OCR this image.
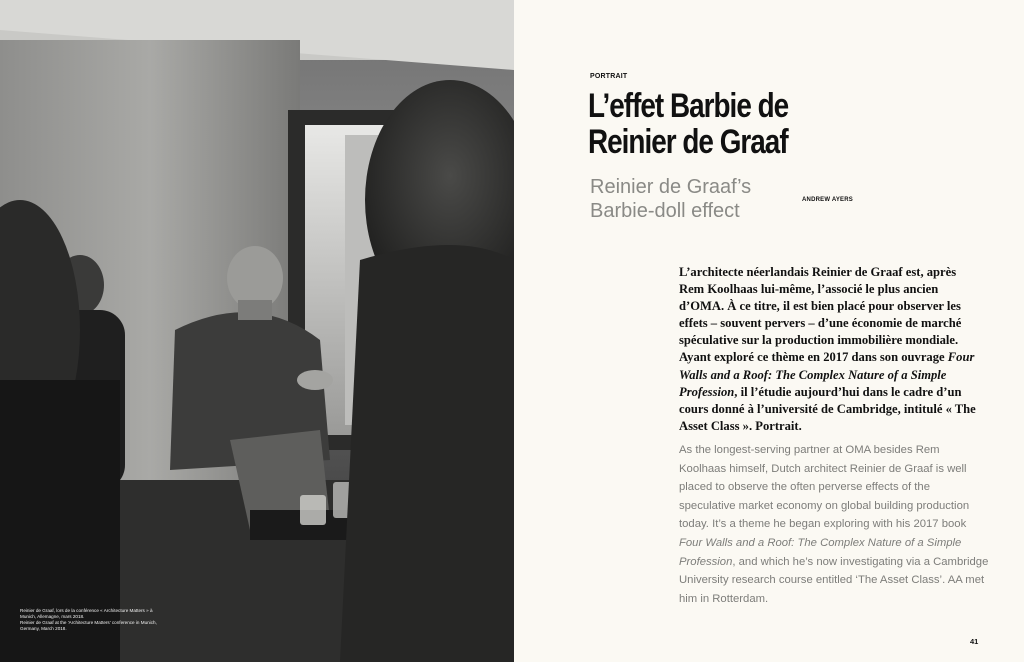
Reinier de Graaf, lors de la conférence « Architecture Matters » à Munich, Allemagne, mars 2018.

Reinier de Graaf at the 'Architecture Matters' conference in Munich, Germany, March 2018.

PORTRAIT
L’effet Barbie de Reinier de Graaf
Reinier de Graaf’s Barbie-doll effect	ANDREW AYERS

L’architecte néerlandais Reinier de Graaf est, après Rem Koolhaas lui-même, l’associé le plus ancien d’OMA. À ce titre, il est bien placé pour observer les effets – souvent pervers – d’une économie de marché spéculative sur la production immobilière mondiale. Ayant exploré ce thème en 2017 dans son ouvrage Four Walls and a Roof: The Complex Nature of a Simple Profession, il l’étudie aujourd’hui dans le cadre d’un cours donné à l’université de Cambridge, intitulé « The Asset Class ». Portrait.

As the longest-serving partner at OMA besides Rem Koolhaas himself, Dutch architect Reinier de Graaf is well placed to observe the often perverse effects of the speculative market economy on global building production today. It’s a theme he began exploring with his 2017 book Four Walls and a Roof: The Complex Nature of a Simple Profession, and which he’s now investigating via a Cambridge University research course entitled ‘The Asset Class’. AA met him in Rotterdam.

41
